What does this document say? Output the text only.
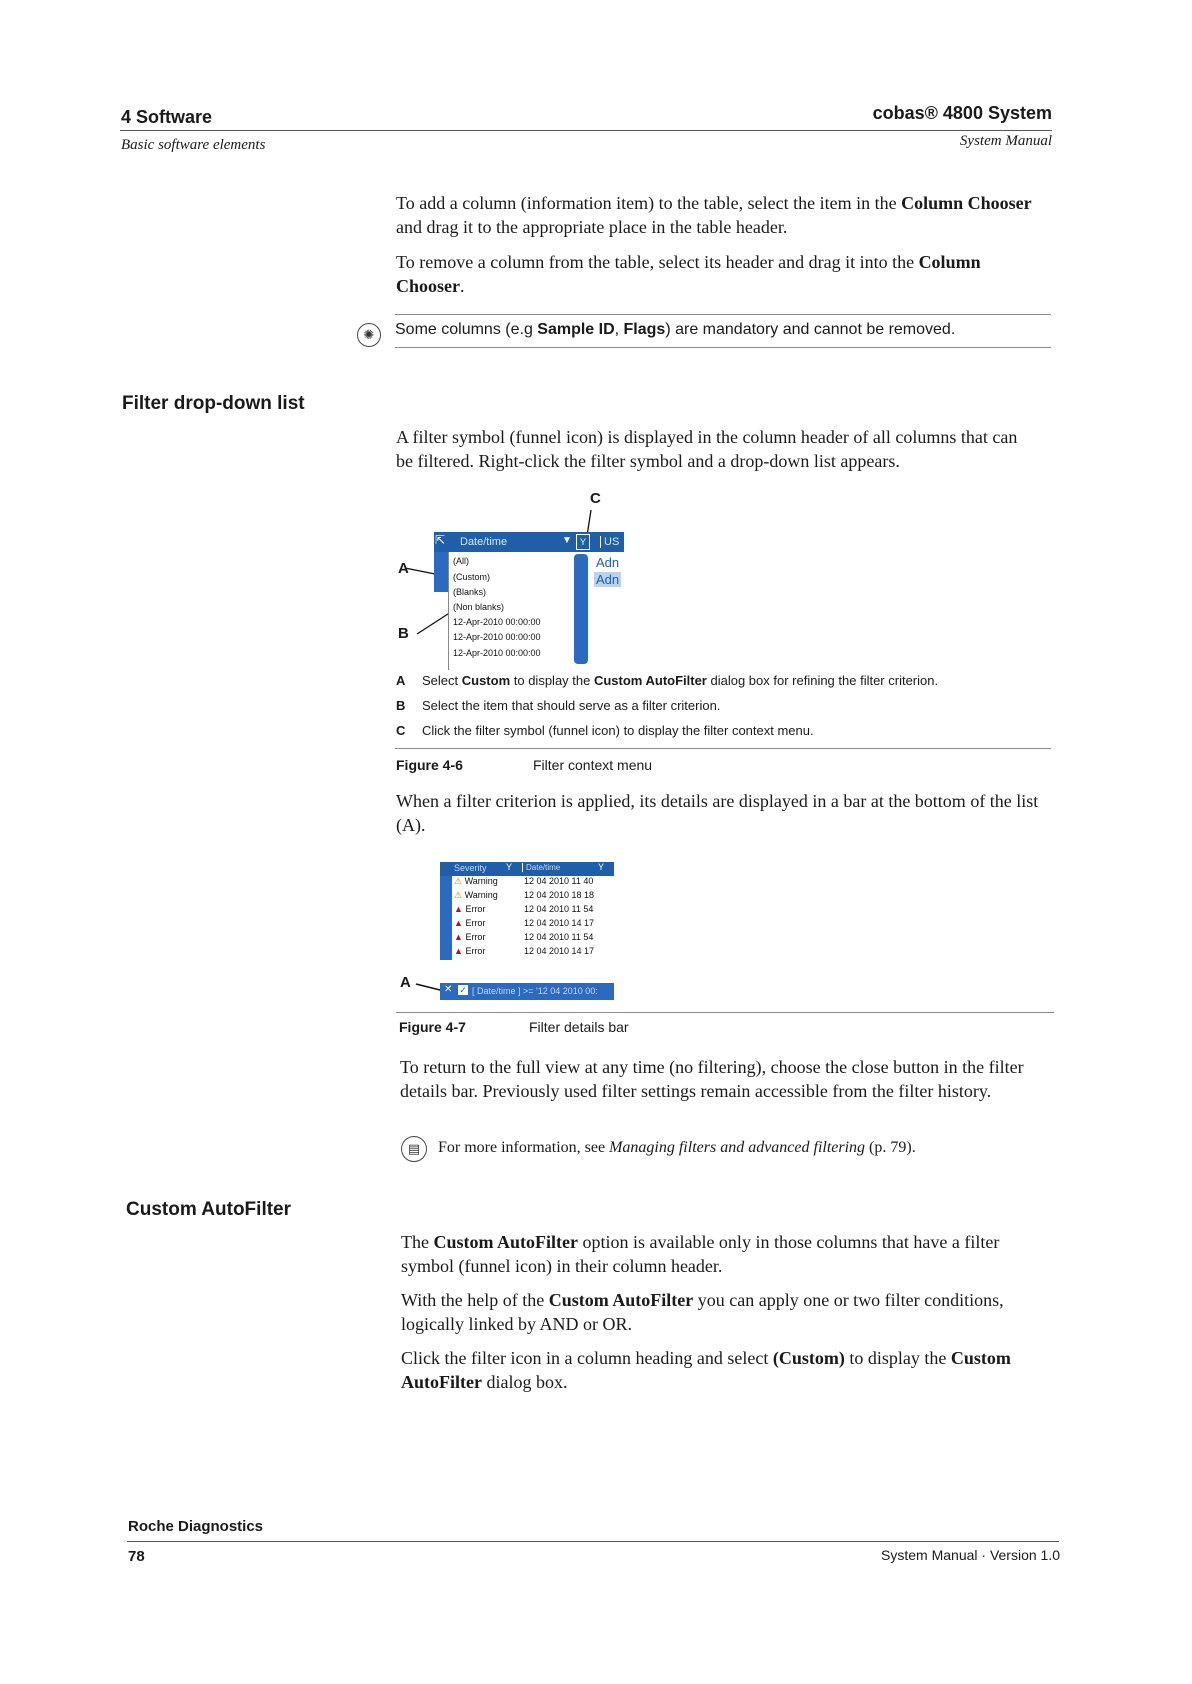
4 Software
Basic software elements
cobas® 4800 System
System Manual
To add a column (information item) to the table, select the item in the Column Chooser and drag it to the appropriate place in the table header.
To remove a column from the table, select its header and drag it into the Column Chooser.
✺	Some columns (e.g Sample ID, Flags) are mandatory and cannot be removed.
Filter drop-down list
A filter symbol (funnel icon) is displayed in the column header of all columns that can be filtered. Right-click the filter symbol and a drop-down list appears.
C
A
B
⇱ Date/time	▼ Y	US
(All)
(Custom)
(Blanks)
(Non blanks)
12-Apr-2010 00:00:00
12-Apr-2010 00:00:00
12-Apr-2010 00:00:00
Adn
Adn
A Select Custom to display the Custom AutoFilter dialog box for refining the filter criterion.
B Select the item that should serve as a filter criterion.
C Click the filter symbol (funnel icon) to display the filter context menu.
Figure 4-6	Filter context menu
When a filter criterion is applied, its details are displayed in a bar at the bottom of the list (A).
Severity Y	Date/time	Y
⚠ Warning	12 04 2010 11 40
⚠ Warning	12 04 2010 18 18
▲ Error	12 04 2010 11 54
▲ Error	12 04 2010 14 17
▲ Error	12 04 2010 11 54
▲ Error	12 04 2010 14 17
A	✕ ✓ [ Date/time ] >= '12 04 2010 00:
Figure 4-7	Filter details bar
To return to the full view at any time (no filtering), choose the close button in the filter details bar. Previously used filter settings remain accessible from the filter history.
▤	For more information, see Managing filters and advanced filtering (p. 79).
Custom AutoFilter
The Custom AutoFilter option is available only in those columns that have a filter symbol (funnel icon) in their column header.
With the help of the Custom AutoFilter you can apply one or two filter conditions, logically linked by AND or OR.
Click the filter icon in a column heading and select (Custom) to display the Custom AutoFilter dialog box.
Roche Diagnostics
78	System Manual · Version 1.0
